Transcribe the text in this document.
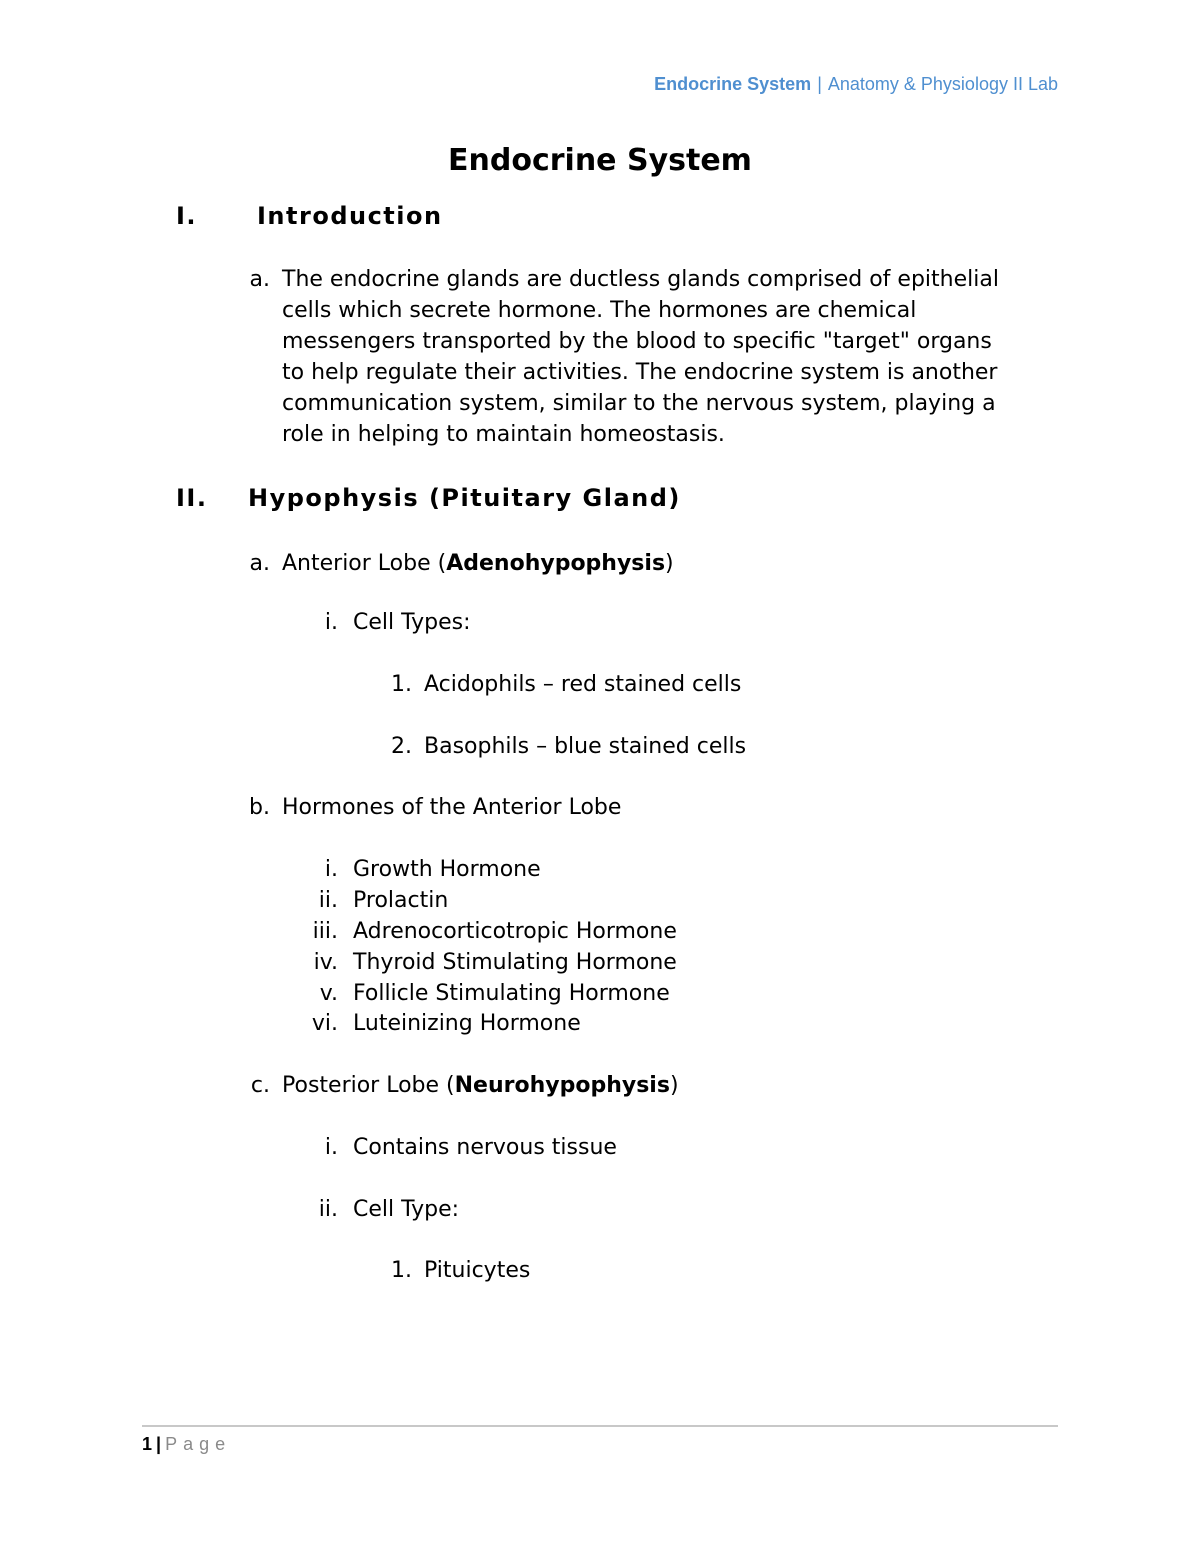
Endocrine System | Anatomy & Physiology II Lab
Endocrine System
I. Introduction
a. The endocrine glands are ductless glands comprised of epithelial
cells which secrete hormone. The hormones are chemical
messengers transported by the blood to specific "target" organs
to help regulate their activities. The endocrine system is another
communication system, similar to the nervous system, playing a
role in helping to maintain homeostasis.
II. Hypophysis (Pituitary Gland)
a. Anterior Lobe (Adenohypophysis)
i. Cell Types:
1. Acidophils – red stained cells
2. Basophils – blue stained cells
b. Hormones of the Anterior Lobe
i. Growth Hormone
ii. Prolactin
iii. Adrenocorticotropic Hormone
iv. Thyroid Stimulating Hormone
v. Follicle Stimulating Hormone
vi. Luteinizing Hormone
c. Posterior Lobe (Neurohypophysis)
i. Contains nervous tissue
ii. Cell Type:
1. Pituicytes
1 | Page
